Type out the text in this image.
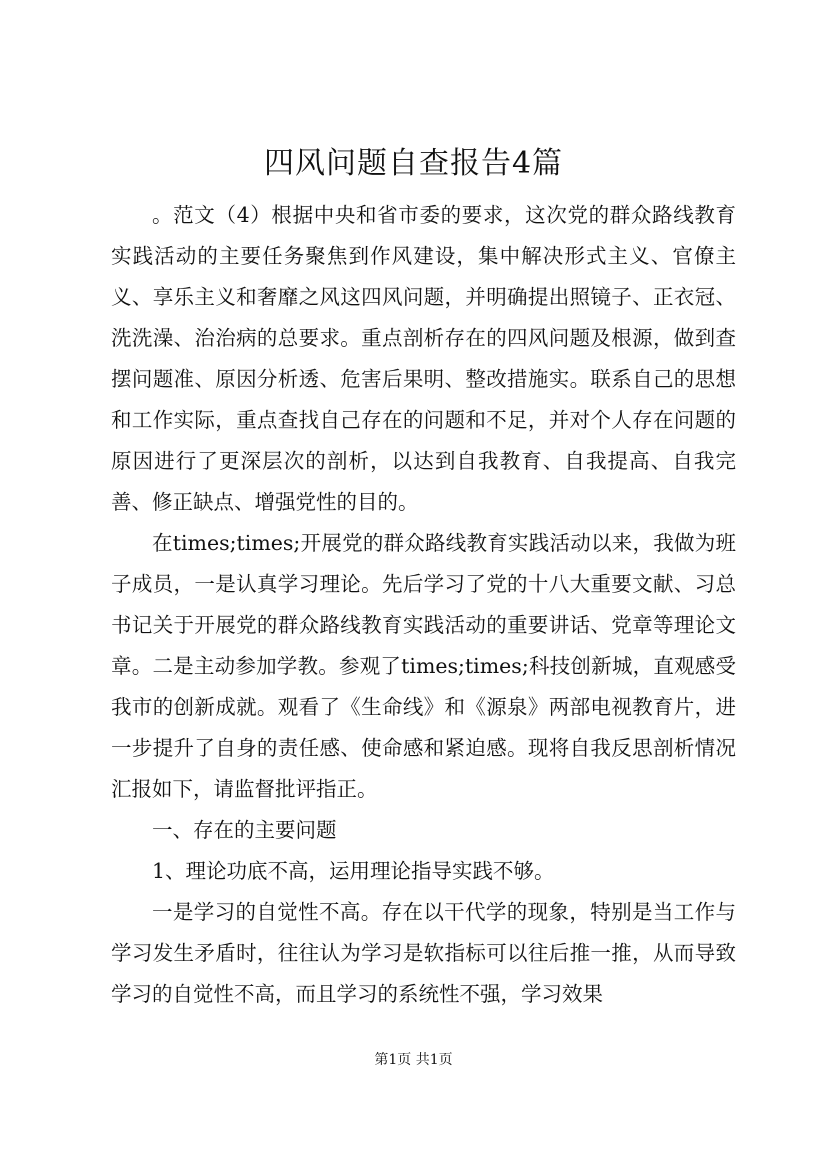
四风问题自查报告4篇

。范文（4）根据中央和省市委的要求，这次党的群众路线教育实践活动的主要任务聚焦到作风建设，集中解决形式主义、官僚主义、享乐主义和奢靡之风这四风问题，并明确提出照镜子、正衣冠、洗洗澡、治治病的总要求。重点剖析存在的四风问题及根源，做到查摆问题准、原因分析透、危害后果明、整改措施实。联系自己的思想和工作实际，重点查找自己存在的问题和不足，并对个人存在问题的原因进行了更深层次的剖析，以达到自我教育、自我提高、自我完善、修正缺点、增强党性的目的。

在times;times;开展党的群众路线教育实践活动以来，我做为班子成员，一是认真学习理论。先后学习了党的十八大重要文献、习总书记关于开展党的群众路线教育实践活动的重要讲话、党章等理论文章。二是主动参加学教。参观了times;times;科技创新城，直观感受我市的创新成就。观看了《生命线》和《源泉》两部电视教育片，进一步提升了自身的责任感、使命感和紧迫感。现将自我反思剖析情况汇报如下，请监督批评指正。

一、存在的主要问题

1、理论功底不高，运用理论指导实践不够。

一是学习的自觉性不高。存在以干代学的现象，特别是当工作与学习发生矛盾时，往往认为学习是软指标可以往后推一推，从而导致学习的自觉性不高，而且学习的系统性不强，学习效果

第1页 共1页
